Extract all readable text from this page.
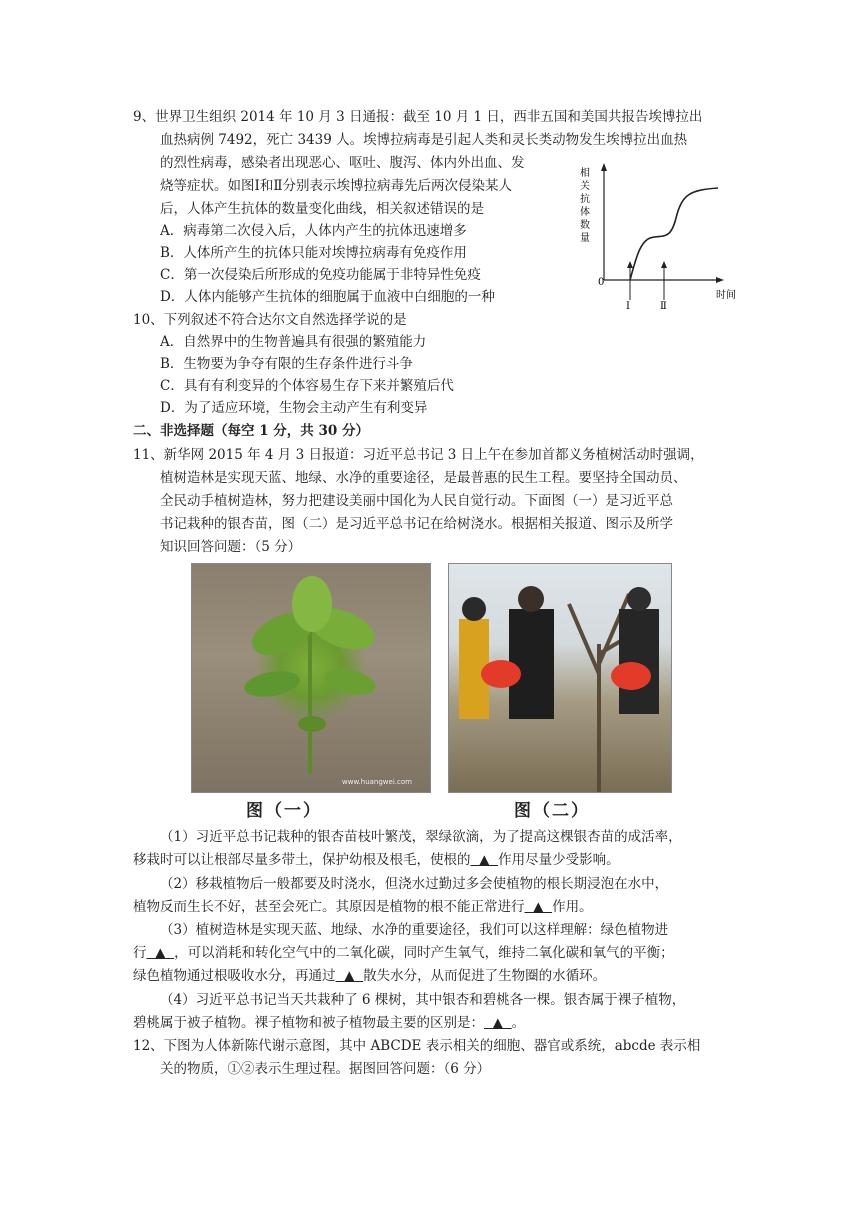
9、世界卫生组织 2014 年 10 月 3 日通报：截至 10 月 1 日，西非五国和美国共报告埃博拉出
血热病例 7492，死亡 3439 人。埃博拉病毒是引起人类和灵长类动物发生埃博拉出血热
的烈性病毒，感染者出现恶心、呕吐、腹泻、体内外出血、发
烧等症状。如图Ⅰ和Ⅱ分别表示埃博拉病毒先后两次侵染某人
后，人体产生抗体的数量变化曲线，相关叙述错误的是
A．病毒第二次侵入后，人体内产生的抗体迅速增多
B．人体所产生的抗体只能对埃博拉病毒有免疫作用
C．第一次侵染后所形成的免疫功能属于非特异性免疫
D．人体内能够产生抗体的细胞属于血液中白细胞的一种
相
关
抗
体
数
量
0
Ⅰ	Ⅱ
时间
10、下列叙述不符合达尔文自然选择学说的是
A．自然界中的生物普遍具有很强的繁殖能力
B．生物要为争夺有限的生存条件进行斗争
C．具有有利变异的个体容易生存下来并繁殖后代
D．为了适应环境，生物会主动产生有利变异
二、非选择题（每空 1 分，共 30 分）
11、新华网 2015 年 4 月 3 日报道：习近平总书记 3 日上午在参加首都义务植树活动时强调，
植树造林是实现天蓝、地绿、水净的重要途径，是最普惠的民生工程。要坚持全国动员、
全民动手植树造林，努力把建设美丽中国化为人民自觉行动。下面图（一）是习近平总
书记栽种的银杏苗，图（二）是习近平总书记在给树浇水。根据相关报道、图示及所学
知识回答问题：（5 分）
www.huangwei.com
图（一）	图（二）
（1）习近平总书记栽种的银杏苗枝叶繁茂，翠绿欲滴，为了提高这棵银杏苗的成活率，
移栽时可以让根部尽量多带土，保护幼根及根毛，使根的 ▲ 作用尽量少受影响。
（2）移栽植物后一般都要及时浇水，但浇水过勤过多会使植物的根长期浸泡在水中，
植物反而生长不好，甚至会死亡。其原因是植物的根不能正常进行 ▲ 作用。
（3）植树造林是实现天蓝、地绿、水净的重要途径，我们可以这样理解：绿色植物进
行 ▲ ，可以消耗和转化空气中的二氧化碳，同时产生氧气，维持二氧化碳和氧气的平衡；
绿色植物通过根吸收水分，再通过 ▲ 散失水分，从而促进了生物圈的水循环。
（4）习近平总书记当天共栽种了 6 棵树，其中银杏和碧桃各一棵。银杏属于裸子植物，
碧桃属于被子植物。裸子植物和被子植物最主要的区别是： ▲ 。
12、下图为人体新陈代谢示意图，其中 ABCDE 表示相关的细胞、器官或系统，abcde 表示相
关的物质，①②表示生理过程。据图回答问题：（6 分）
